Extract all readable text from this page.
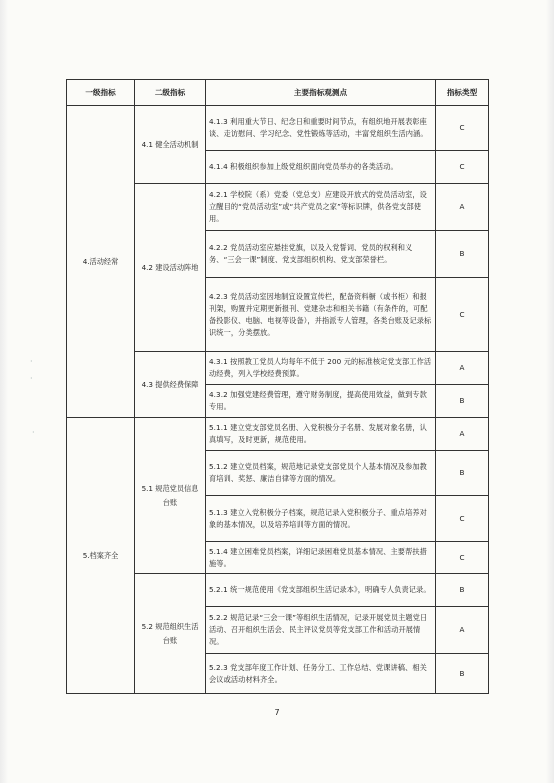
·
·
·
一级指标	二级指标	主要指标观测点	指标类型
4.活动经常	4.1 健全活动机制	4.1.3 利用重大节日、纪念日和重要时间节点，有组织地开展表彰座谈、走访慰问、学习纪念、党性锻炼等活动，丰富党组织生活内涵。	C
		4.1.4 积极组织参加上级党组织面向党员举办的各类活动。	C
	4.2 建设活动阵地	4.2.1 学校院（系）党委（党总支）应建设开放式的党员活动室，设立醒目的“党员活动室”或“共产党员之家”等标识牌，供各党支部使用。	A
		4.2.2 党员活动室应悬挂党旗，以及入党誓词、党员的权利和义务、“三会一课”制度、党支部组织机构、党支部荣誉栏。	B
		4.2.3 党员活动室因地制宜设置宣传栏，配备资料橱（或书柜）和报刊架，购置并定期更新报刊、党建杂志和相关书籍（有条件的，可配备投影仪、电脑、电视等设备），并指派专人管理，各类台账及记录标识统一，分类摆放。	C
	4.3 提供经费保障	4.3.1 按照教工党员人均每年不低于 200 元的标准核定党支部工作活动经费，列入学校经费预算。	A
		4.3.2 加强党建经费管理，遵守财务制度，提高使用效益，做到专款专用。	B
5.档案齐全	5.1 规范党员信息台账	5.1.1 建立党支部党员名册、入党积极分子名册、发展对象名册，认真填写，及时更新，规范使用。	A
		5.1.2 建立党员档案，规范地记录党支部党员个人基本情况及参加教育培训、奖惩、廉洁自律等方面的情况。	B
		5.1.3 建立入党积极分子档案，规范记录入党积极分子、重点培养对象的基本情况，以及培养培训等方面的情况。	C
		5.1.4 建立困难党员档案，详细记录困难党员基本情况、主要帮扶措施等。	C
	5.2 规范组织生活台账	5.2.1 统一规范使用《党支部组织生活记录本》，明确专人负责记录。	B
		5.2.2 规范记录“三会一课”等组织生活情况，记录开展党员主题党日活动、召开组织生活会、民主评议党员等党支部工作和活动开展情况。	A
		5.2.3 党支部年度工作计划、任务分工、工作总结、党课讲稿、相关会议或活动材料齐全。	B
7
